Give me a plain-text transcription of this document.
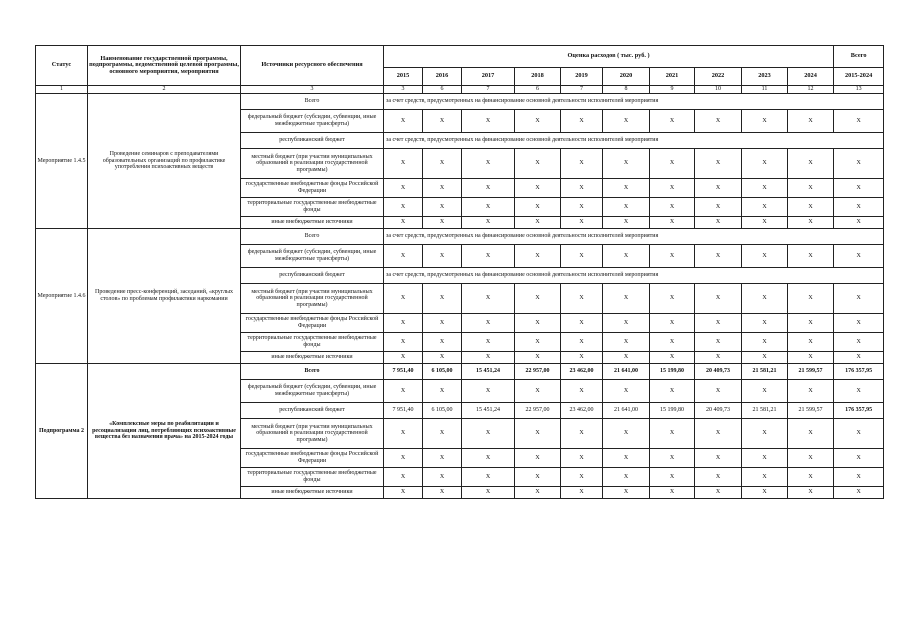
Статус	Наименование государственной программы, подпрограммы, ведомственной целевой программы, основного мероприятия, мероприятия	Источники ресурсного обеспечения	Оценка расходов ( тыс. руб. )										Всего
			2015	2016	2017	2018	2019	2020	2021	2022	2023	2024	2015-2024
1	2	3	3	6	7	6	7	8	9	10	11	12	13
Мероприятие 1.4.5	Проведение семинаров с преподавателями образовательных организаций по профилактике употребления психоактивных веществ	Всего	за счет средств, предусмотренных на финансирование основной деятельности исполнителей мероприятия										
		федеральный бюджет (субсидии, субвенции, иные межбюджетные трансферты)	X	X	X	X	X	X	X	X	X	X	X
		республиканский бюджет	за счет средств, предусмотренных на финансирование основной деятельности исполнителей мероприятия										
		местный бюджет (при участии муниципальных образований в реализации государственной программы)	X	X	X	X	X	X	X	X	X	X	X
		государственные внебюджетные фонды Российской Федерации	X	X	X	X	X	X	X	X	X	X	X
		территориальные государственные внебюджетные фонды	X	X	X	X	X	X	X	X	X	X	X
		иные внебюджетные источники	X	X	X	X	X	X	X	X	X	X	X
Мероприятие 1.4.6	Проведение пресс-конференций, заседаний, «круглых столов» по проблемам профилактики наркомании	Всего	за счет средств, предусмотренных на финансирование основной деятельности исполнителей мероприятия										
		федеральный бюджет (субсидии, субвенции, иные межбюджетные трансферты)	X	X	X	X	X	X	X	X	X	X	X
		республиканский бюджет	за счет средств, предусмотренных на финансирование основной деятельности исполнителей мероприятия										
		местный бюджет (при участии муниципальных образований в реализации государственной программы)	X	X	X	X	X	X	X	X	X	X	X
		государственные внебюджетные фонды Российской Федерации	X	X	X	X	X	X	X	X	X	X	X
		территориальные государственные внебюджетные фонды	X	X	X	X	X	X	X	X	X	X	X
		иные внебюджетные источники	X	X	X	X	X	X	X	X	X	X	X
Подпрограмма 2	«Комплексные меры по реабилитации и ресоциализации лиц, потребляющих психоактивные вещества без назначения врача» на 2015-2024 годы	Всего	7 951,40	6 105,00	15 451,24	22 957,00	23 462,00	21 641,00	15 199,80	20 409,73	21 581,21	21 599,57	176 357,95
		федеральный бюджет (субсидии, субвенции, иные межбюджетные трансферты)	X	X	X	X	X	X	X	X	X	X	X
		республиканский бюджет	7 951,40	6 105,00	15 451,24	22 957,00	23 462,00	21 641,00	15 199,80	20 409,73	21 581,21	21 599,57	176 357,95
		местный бюджет (при участии муниципальных образований в реализации государственной программы)	X	X	X	X	X	X	X	X	X	X	X
		государственные внебюджетные фонды Российской Федерации	X	X	X	X	X	X	X	X	X	X	X
		территориальные государственные внебюджетные фонды	X	X	X	X	X	X	X	X	X	X	X
		иные внебюджетные источники	X	X	X	X	X	X	X	X	X	X	X
